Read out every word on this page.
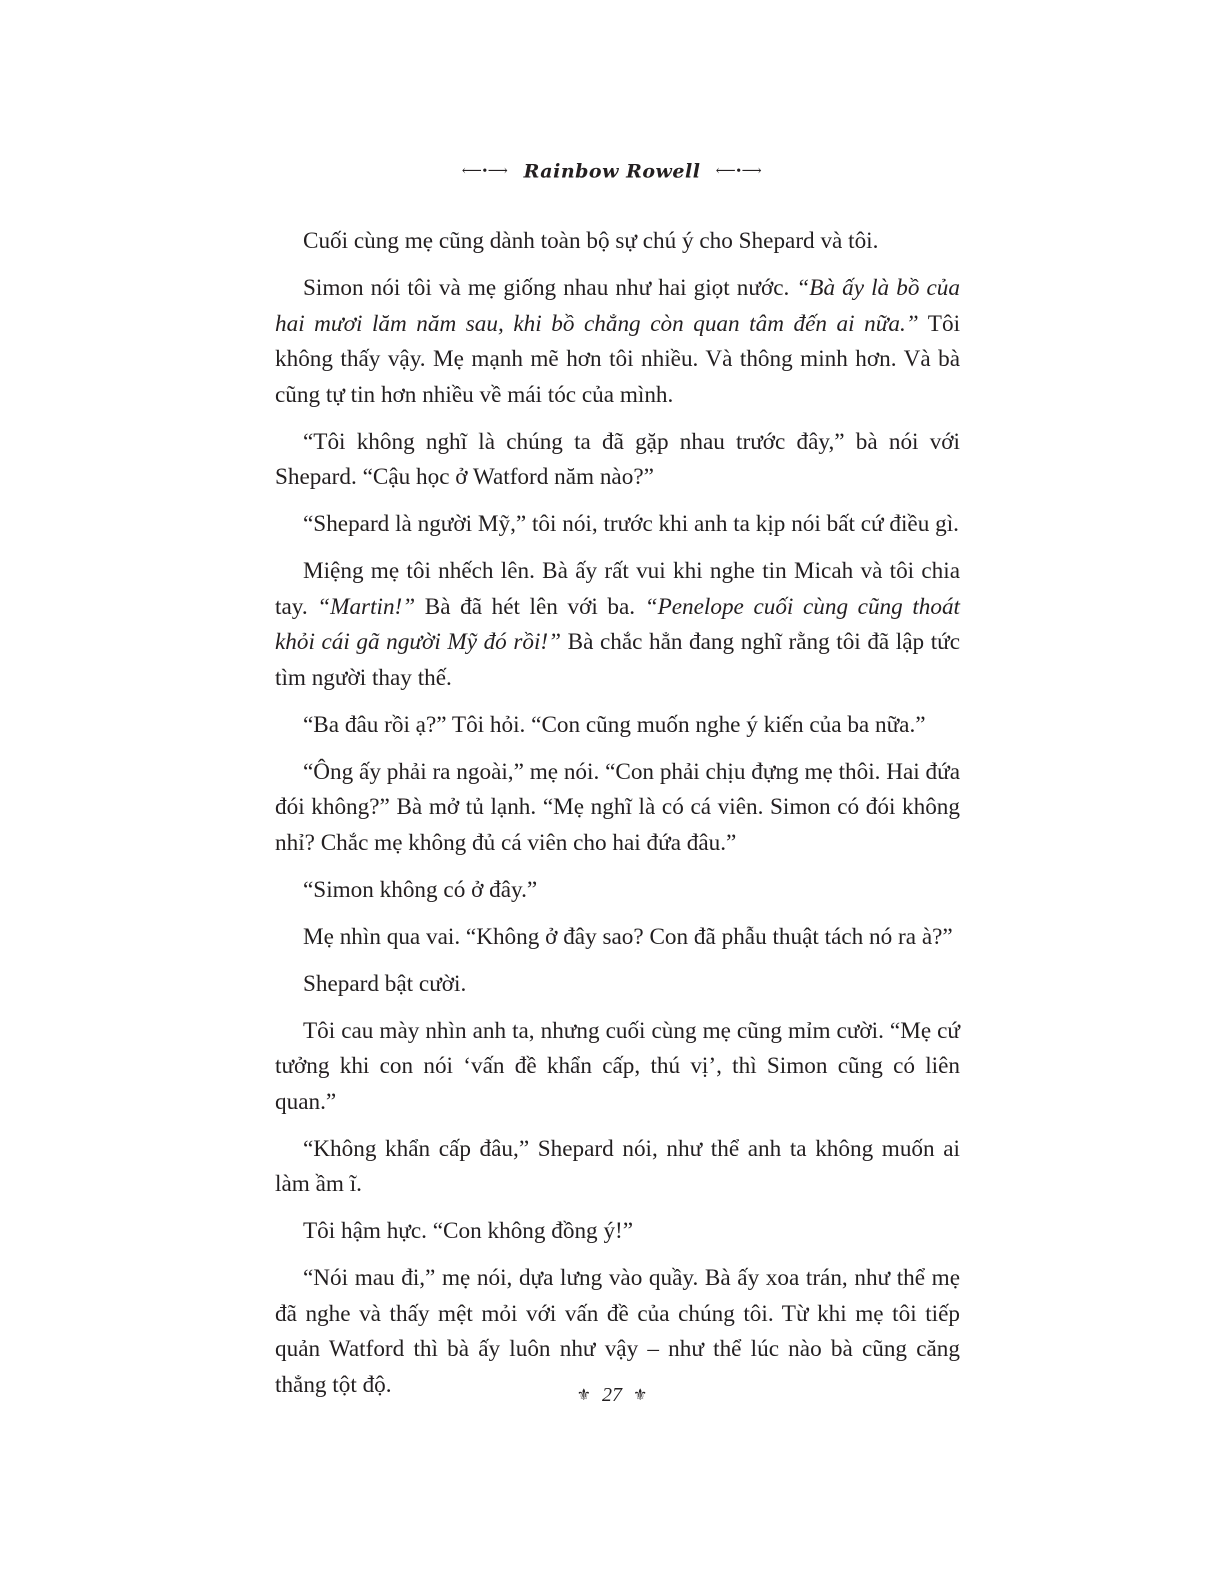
⟵•⟶ Rainbow Rowell ⟵•⟶

Cuối cùng mẹ cũng dành toàn bộ sự chú ý cho Shepard và tôi.

Simon nói tôi và mẹ giống nhau như hai giọt nước. “Bà ấy là bồ của hai mươi lăm năm sau, khi bồ chẳng còn quan tâm đến ai nữa.” Tôi không thấy vậy. Mẹ mạnh mẽ hơn tôi nhiều. Và thông minh hơn. Và bà cũng tự tin hơn nhiều về mái tóc của mình.

“Tôi không nghĩ là chúng ta đã gặp nhau trước đây,” bà nói với Shepard. “Cậu học ở Watford năm nào?”

“Shepard là người Mỹ,” tôi nói, trước khi anh ta kịp nói bất cứ điều gì.

Miệng mẹ tôi nhếch lên. Bà ấy rất vui khi nghe tin Micah và tôi chia tay. “Martin!” Bà đã hét lên với ba. “Penelope cuối cùng cũng thoát khỏi cái gã người Mỹ đó rồi!” Bà chắc hẳn đang nghĩ rằng tôi đã lập tức tìm người thay thế.

“Ba đâu rồi ạ?” Tôi hỏi. “Con cũng muốn nghe ý kiến của ba nữa.”

“Ông ấy phải ra ngoài,” mẹ nói. “Con phải chịu đựng mẹ thôi. Hai đứa đói không?” Bà mở tủ lạnh. “Mẹ nghĩ là có cá viên. Simon có đói không nhỉ? Chắc mẹ không đủ cá viên cho hai đứa đâu.”

“Simon không có ở đây.”

Mẹ nhìn qua vai. “Không ở đây sao? Con đã phẫu thuật tách nó ra à?”

Shepard bật cười.

Tôi cau mày nhìn anh ta, nhưng cuối cùng mẹ cũng mỉm cười. “Mẹ cứ tưởng khi con nói ‘vấn đề khẩn cấp, thú vị’, thì Simon cũng có liên quan.”

“Không khẩn cấp đâu,” Shepard nói, như thể anh ta không muốn ai làm ầm ĩ.

Tôi hậm hực. “Con không đồng ý!”

“Nói mau đi,” mẹ nói, dựa lưng vào quầy. Bà ấy xoa trán, như thể mẹ đã nghe và thấy mệt mỏi với vấn đề của chúng tôi. Từ khi mẹ tôi tiếp quản Watford thì bà ấy luôn như vậy – như thể lúc nào bà cũng căng thẳng tột độ.	⚜ 27 ⚜
